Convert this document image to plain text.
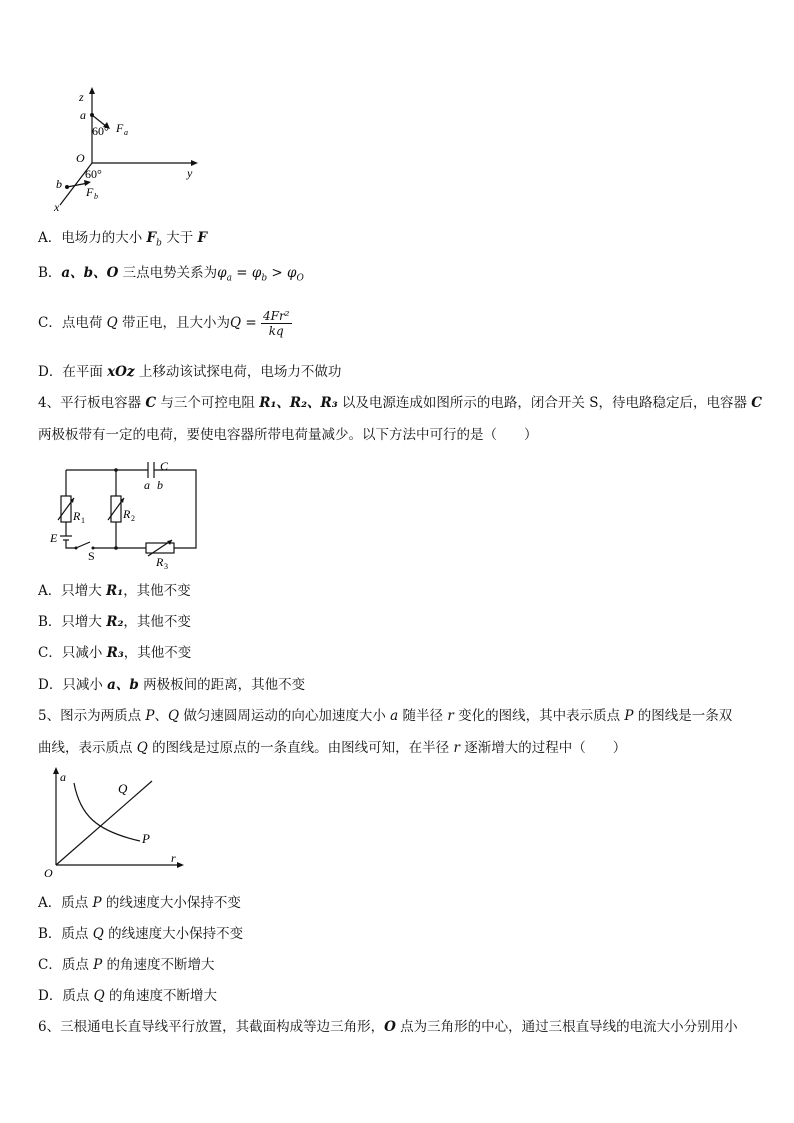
z
a
60° F a
O
y
60°
b
F b
x
A．电场力的大小 $F_b$ 大于 F
B．a、b、O 三点电势关系为$\varphi_a = \varphi_b > \varphi_O$
C．点电荷 Q 带正电，且大小为$Q = \frac{\text{4Fr²}}{kq}$
D．在平面 xOz 上移动该试探电荷，电场力不做功
4、平行板电容器 C 与三个可控电阻 R₁、R₂、R₃ 以及电源连成如图所示的电路，闭合开关 S，待电路稳定后，电容器 C
两极板带有一定的电荷，要使电容器所带电荷量减少。以下方法中可行的是（　　）
C
a b
R 1	R 2
E
S	R 3
A．只增大 R₁，其他不变
B．只增大 R₂，其他不变
C．只减小 R₃，其他不变
D．只减小 a、b 两极板间的距离，其他不变
5、图示为两质点 P、Q 做匀速圆周运动的向心加速度大小 a 随半径 r 变化的图线，其中表示质点 P 的图线是一条双
曲线，表示质点 Q 的图线是过原点的一条直线。由图线可知，在半径 r 逐渐增大的过程中（　　）
a
Q
P
r
O
A．质点 P 的线速度大小保持不变
B．质点 Q 的线速度大小保持不变
C．质点 P 的角速度不断增大
D．质点 Q 的角速度不断增大
6、三根通电长直导线平行放置，其截面构成等边三角形，O 点为三角形的中心，通过三根直导线的电流大小分别用小
